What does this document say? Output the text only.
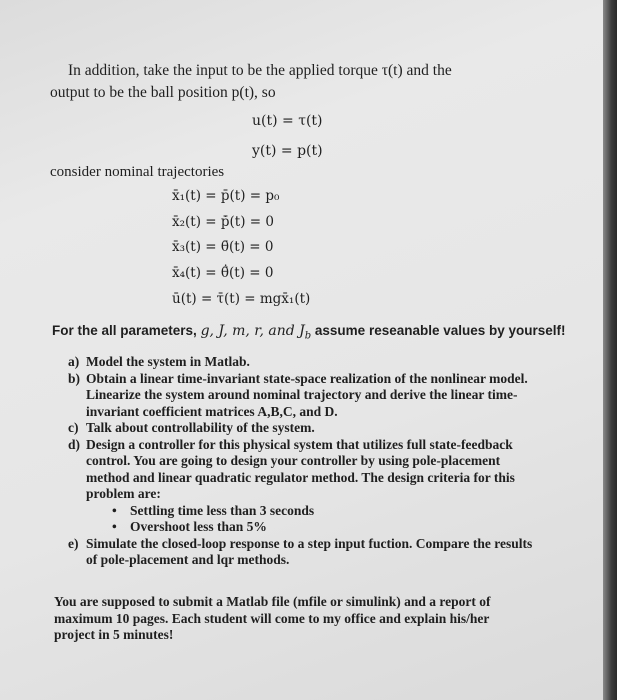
In addition, take the input to be the applied torque τ(t) and the

output to be the ball position p(t), so
u(t) = τ(t)
y(t) = p(t)
consider nominal trajectories
x̄₁(t) = p̄(t) = p₀
x̄₂(t) = p̄̇(t) = 0
x̄₃(t) = θ̄(t) = 0
x̄₄(t) = θ̄̇(t) = 0
ū(t) = τ̄(t) = mgx̄₁(t)
For the all parameters, g, J, m, r, and $J_b$ assume reseanable values by yourself!
a) Model the system in Matlab.
b) Obtain a linear time-invariant state-space realization of the nonlinear model. Linearize the system around nominal trajectory and derive the linear time-invariant coefficient matrices A,B,C, and D.
c) Talk about controllability of the system.
d) Design a controller for this physical system that utilizes full state-feedback control. You are going to design your controller by using pole-placement method and linear quadratic regulator method. The design criteria for this problem are:
• Settling time less than 3 seconds
• Overshoot less than 5%
e) Simulate the closed-loop response to a step input fuction. Compare the results of pole-placement and lqr methods.
You are supposed to submit a Matlab file (mfile or simulink) and a report of maximum 10 pages. Each student will come to my office and explain his/her project in 5 minutes!
